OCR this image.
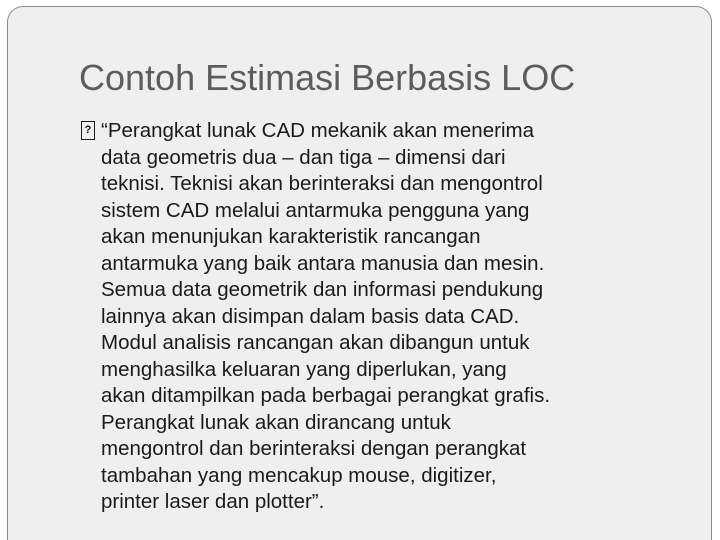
Contoh Estimasi Berbasis LOC
? “Perangkat lunak CAD mekanik akan menerima
data geometris dua – dan tiga – dimensi dari
teknisi. Teknisi akan berinteraksi dan mengontrol
sistem CAD melalui antarmuka pengguna yang
akan menunjukan karakteristik rancangan
antarmuka yang baik antara manusia dan mesin.
Semua data geometrik dan informasi pendukung
lainnya akan disimpan dalam basis data CAD.
Modul analisis rancangan akan dibangun untuk
menghasilka keluaran yang diperlukan, yang
akan ditampilkan pada berbagai perangkat grafis.
Perangkat lunak akan dirancang untuk
mengontrol dan berinteraksi dengan perangkat
tambahan yang mencakup mouse, digitizer,
printer laser dan plotter”.
